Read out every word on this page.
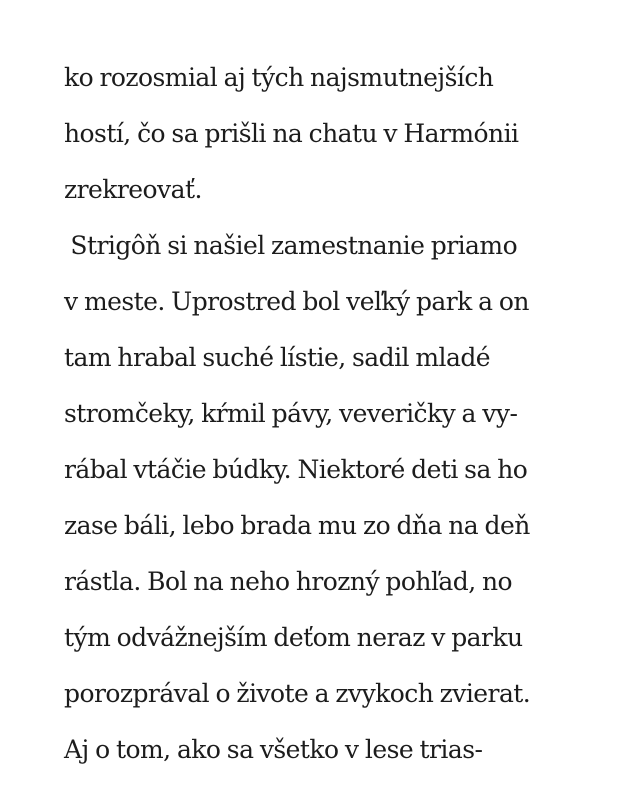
ko rozosmial aj tých najsmutnejších
hostí, čo sa prišli na chatu v Harmónii
zrekreovať.
Strigôň si našiel zamestnanie priamo
v meste. Uprostred bol veľký park a on
tam hrabal suché lístie, sadil mladé
stromčeky, kŕmil pávy, veveričky a vy-
rábal vtáčie búdky. Niektoré deti sa ho
zase báli, lebo brada mu zo dňa na deň
rástla. Bol na neho hrozný pohľad, no
tým odvážnejším deťom neraz v parku
porozprával o živote a zvykoch zvierat.
Aj o tom, ako sa všetko v lese trias-
